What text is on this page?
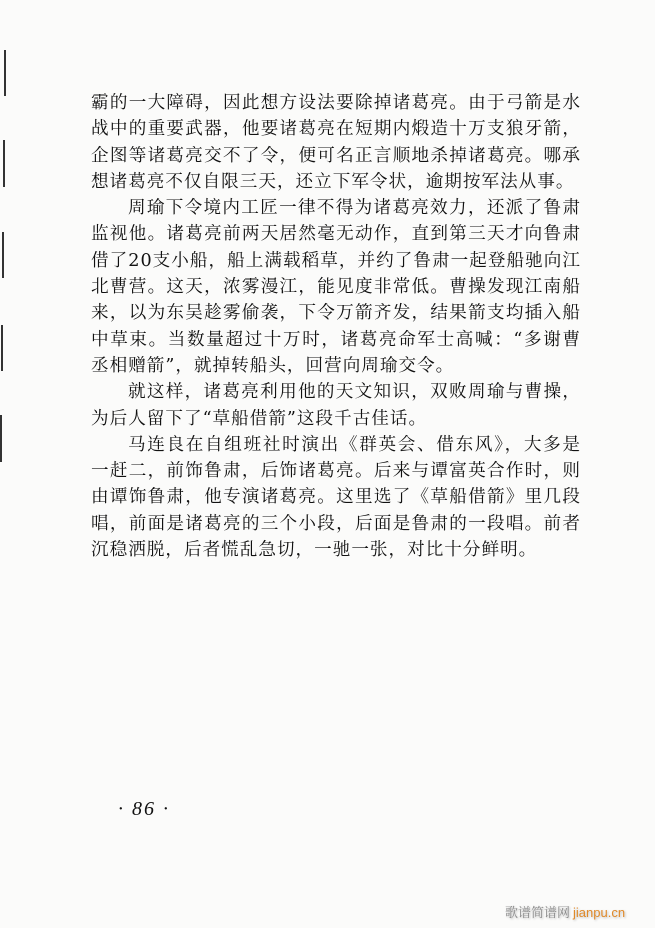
霸的一大障碍，因此想方设法要除掉诸葛亮。由于弓箭是水战中的重要武器，他要诸葛亮在短期内煅造十万支狼牙箭，企图等诸葛亮交不了令，便可名正言顺地杀掉诸葛亮。哪承想诸葛亮不仅自限三天，还立下军令状，逾期按军法从事。

周瑜下令境内工匠一律不得为诸葛亮效力，还派了鲁肃监视他。诸葛亮前两天居然毫无动作，直到第三天才向鲁肃借了20支小船，船上满载稻草，并约了鲁肃一起登船驰向江北曹营。这天，浓雾漫江，能见度非常低。曹操发现江南船来，以为东吴趁雾偷袭，下令万箭齐发，结果箭支均插入船中草束。当数量超过十万时，诸葛亮命军士高喊：“多谢曹丞相赠箭”，就掉转船头，回营向周瑜交令。

就这样，诸葛亮利用他的天文知识，双败周瑜与曹操，为后人留下了“草船借箭”这段千古佳话。

马连良在自组班社时演出《群英会、借东风》，大多是一赶二，前饰鲁肃，后饰诸葛亮。后来与谭富英合作时，则由谭饰鲁肃，他专演诸葛亮。这里选了《草船借箭》里几段唱，前面是诸葛亮的三个小段，后面是鲁肃的一段唱。前者沉稳洒脱，后者慌乱急切，一驰一张，对比十分鲜明。

· 86 ·
歌谱简谱网 jianpu.cn
